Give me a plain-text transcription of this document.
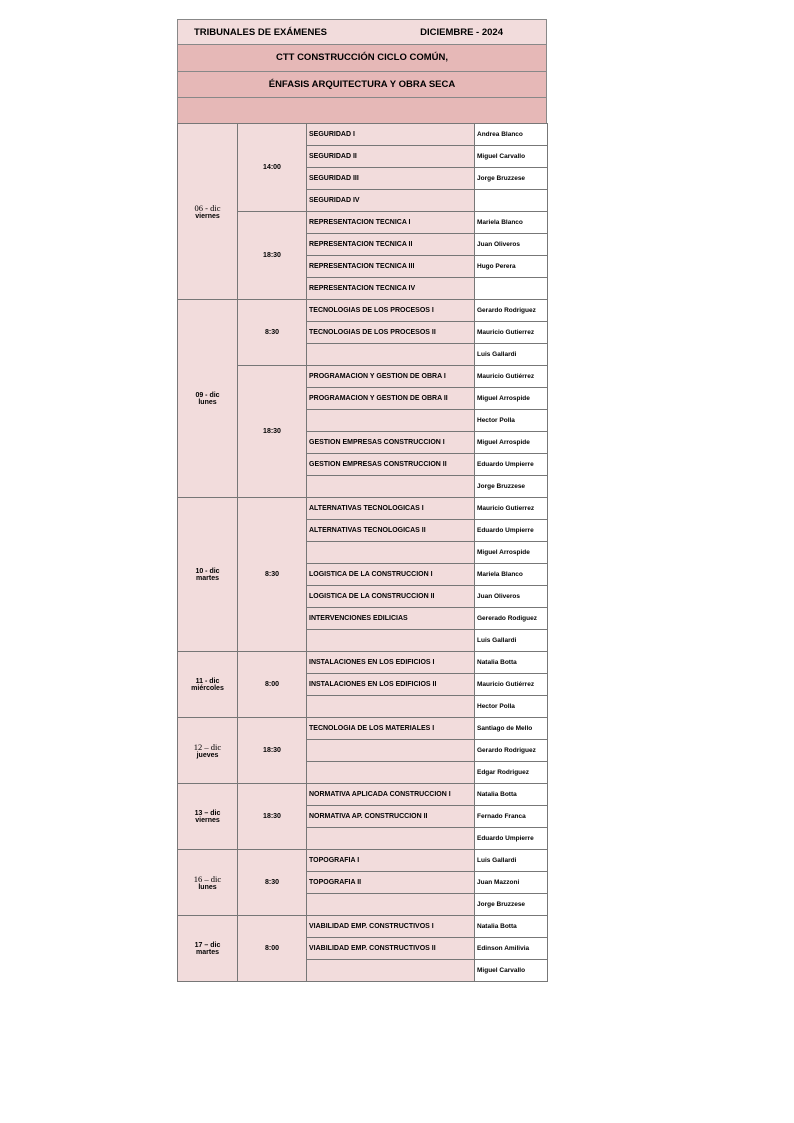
TRIBUNALES DE EXÁMENES	DICIEMBRE - 2024
CTT CONSTRUCCIÓN CICLO COMÚN,
ÉNFASIS ARQUITECTURA Y OBRA SECA
06 - dic
viernes	14:00	SEGURIDAD I	Andrea Blanco
		SEGURIDAD II	Miguel Carvallo
		SEGURIDAD III	Jorge Bruzzese
		SEGURIDAD IV	
	18:30	REPRESENTACION TECNICA I	Mariela Blanco
		REPRESENTACION TECNICA II	Juan Oliveros
		REPRESENTACION TECNICA III	Hugo Perera
		REPRESENTACION TECNICA IV	

09 - dic
lunes	8:30	TECNOLOGIAS DE LOS PROCESOS I	Gerardo Rodriguez
		TECNOLOGIAS DE LOS PROCESOS II	Mauricio Gutierrez
			Luis Gallardi
	18:30	PROGRAMACION Y GESTION DE OBRA I	Mauricio Gutiérrez
		PROGRAMACION Y GESTION DE OBRA II	Miguel Arrospide
			Hector Polla
		GESTION EMPRESAS CONSTRUCCION I	Miguel Arrospide
		GESTION EMPRESAS CONSTRUCCION II	Eduardo Umpierre
			Jorge Bruzzese

10 - dic
martes	8:30	ALTERNATIVAS TECNOLOGICAS I	Mauricio Gutierrez
		ALTERNATIVAS TECNOLOGICAS II	Eduardo Umpierre
			Miguel Arrospide
		LOGISTICA DE LA CONSTRUCCION I	Mariela Blanco
		LOGISTICA DE LA CONSTRUCCION II	Juan Oliveros
		INTERVENCIONES EDILICIAS	Gererado Rodiguez
			Luis Gallardi

11 - dic
miércoles	8:00	INSTALACIONES EN LOS EDIFICIOS I	Natalia Botta
		INSTALACIONES EN LOS EDIFICIOS II	Mauricio Gutiérrez
			Hector Polla

12 – dic
jueves	18:30	TECNOLOGIA DE LOS MATERIALES I	Santiago de Mello
			Gerardo Rodriguez
			Edgar Rodriguez

13 – dic
viernes	18:30	NORMATIVA APLICADA CONSTRUCCION I	Natalia Botta
		NORMATIVA AP. CONSTRUCCION II	Fernado Franca
			Eduardo Umpierre

16 – dic
lunes	8:30	TOPOGRAFIA I	Luis Gallardi
		TOPOGRAFIA II	Juan Mazzoni
			Jorge Bruzzese

17 – dic
martes	8:00	VIABILIDAD EMP. CONSTRUCTIVOS I	Natalia Botta
		VIABILIDAD EMP. CONSTRUCTIVOS II	Edinson Amilivia
			Miguel Carvallo
